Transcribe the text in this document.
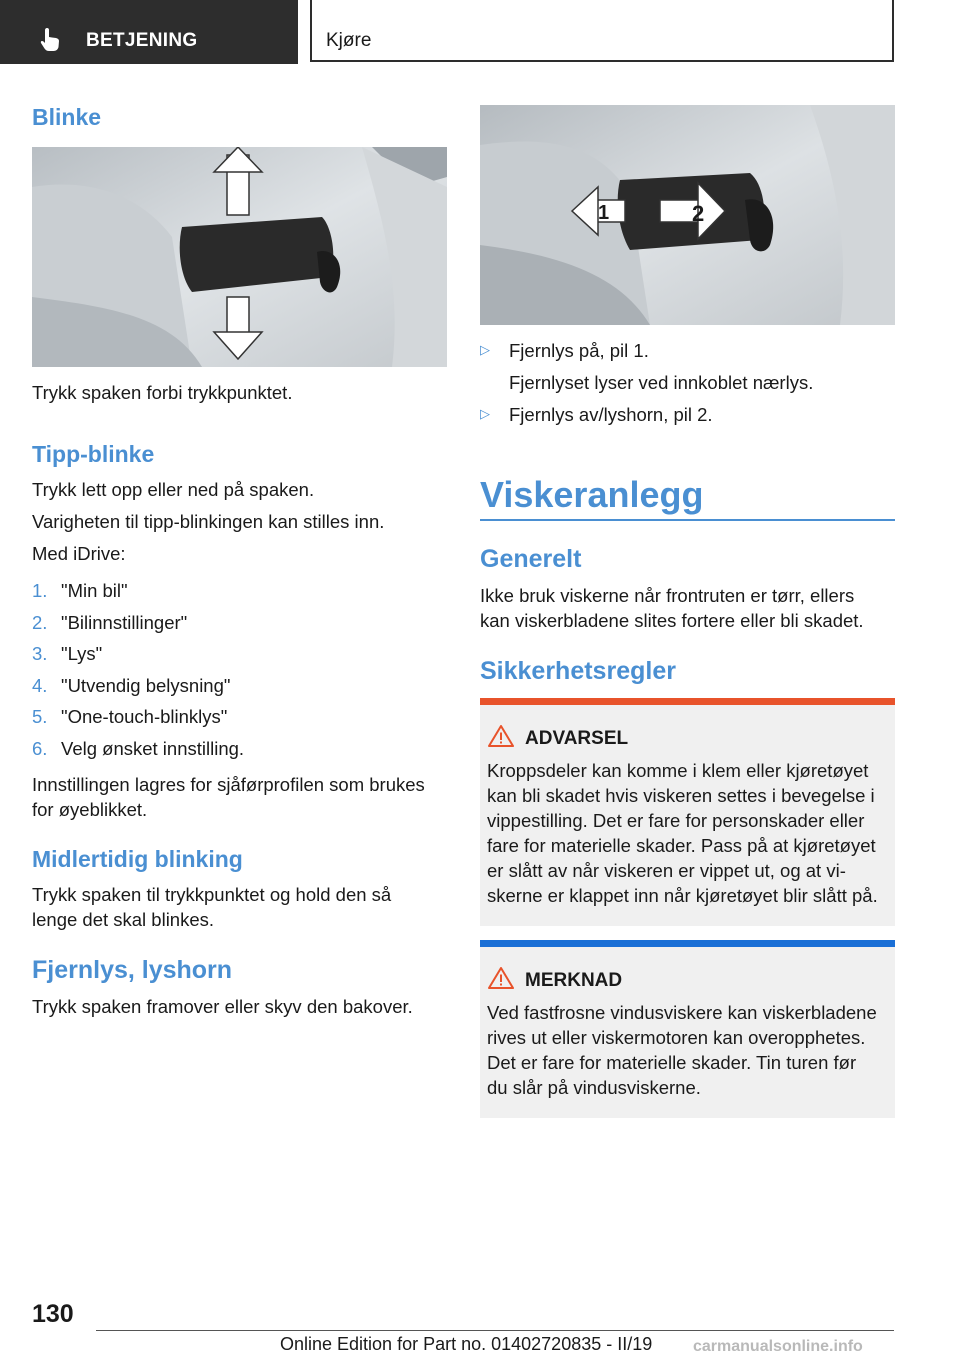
BETJENING	Kjøre
Blinke

Trykk spaken forbi trykkpunktet.

Tipp-blinke

Trykk lett opp eller ned på spaken.

Varigheten til tipp-blinkingen kan stilles inn.

Med iDrive:

1. "Min bil"
2. "Bilinnstillinger"
3. "Lys"
4. "Utvendig belysning"
5. "One-touch-blinklys"
6. Velg ønsket innstilling.

Innstillingen lagres for sjåførprofilen som brukes

for øyeblikket.

Midlertidig blinking

Trykk spaken til trykkpunktet og hold den så

lenge det skal blinkes.

Fjernlys, lyshorn

Trykk spaken framover eller skyv den bakover.

1	2
▷ Fjernlys på, pil 1.
Fjernlyset lyser ved innkoblet nærlys.
▷ Fjernlys av/lyshorn, pil 2.
Viskeranlegg
Generelt

Ikke bruk viskerne når frontruten er tørr, ellers

kan viskerbladene slites fortere eller bli skadet.

Sikkerhetsregler
ADVARSEL

Kroppsdeler kan komme i klem eller kjøretøyet

kan bli skadet hvis viskeren settes i bevegelse i

vippestilling. Det er fare for personskader eller

fare for materielle skader. Pass på at kjøretøyet

er slått av når viskeren er vippet ut, og at vi-

skerne er klappet inn når kjøretøyet blir slått på.

MERKNAD

Ved fastfrosne vindusviskere kan viskerbladene

rives ut eller viskermotoren kan overopphetes.

Det er fare for materielle skader. Tin turen før

du slår på vindusviskerne.

130
Online Edition for Part no. 01402720835 - II/19	carmanualsonline.info
